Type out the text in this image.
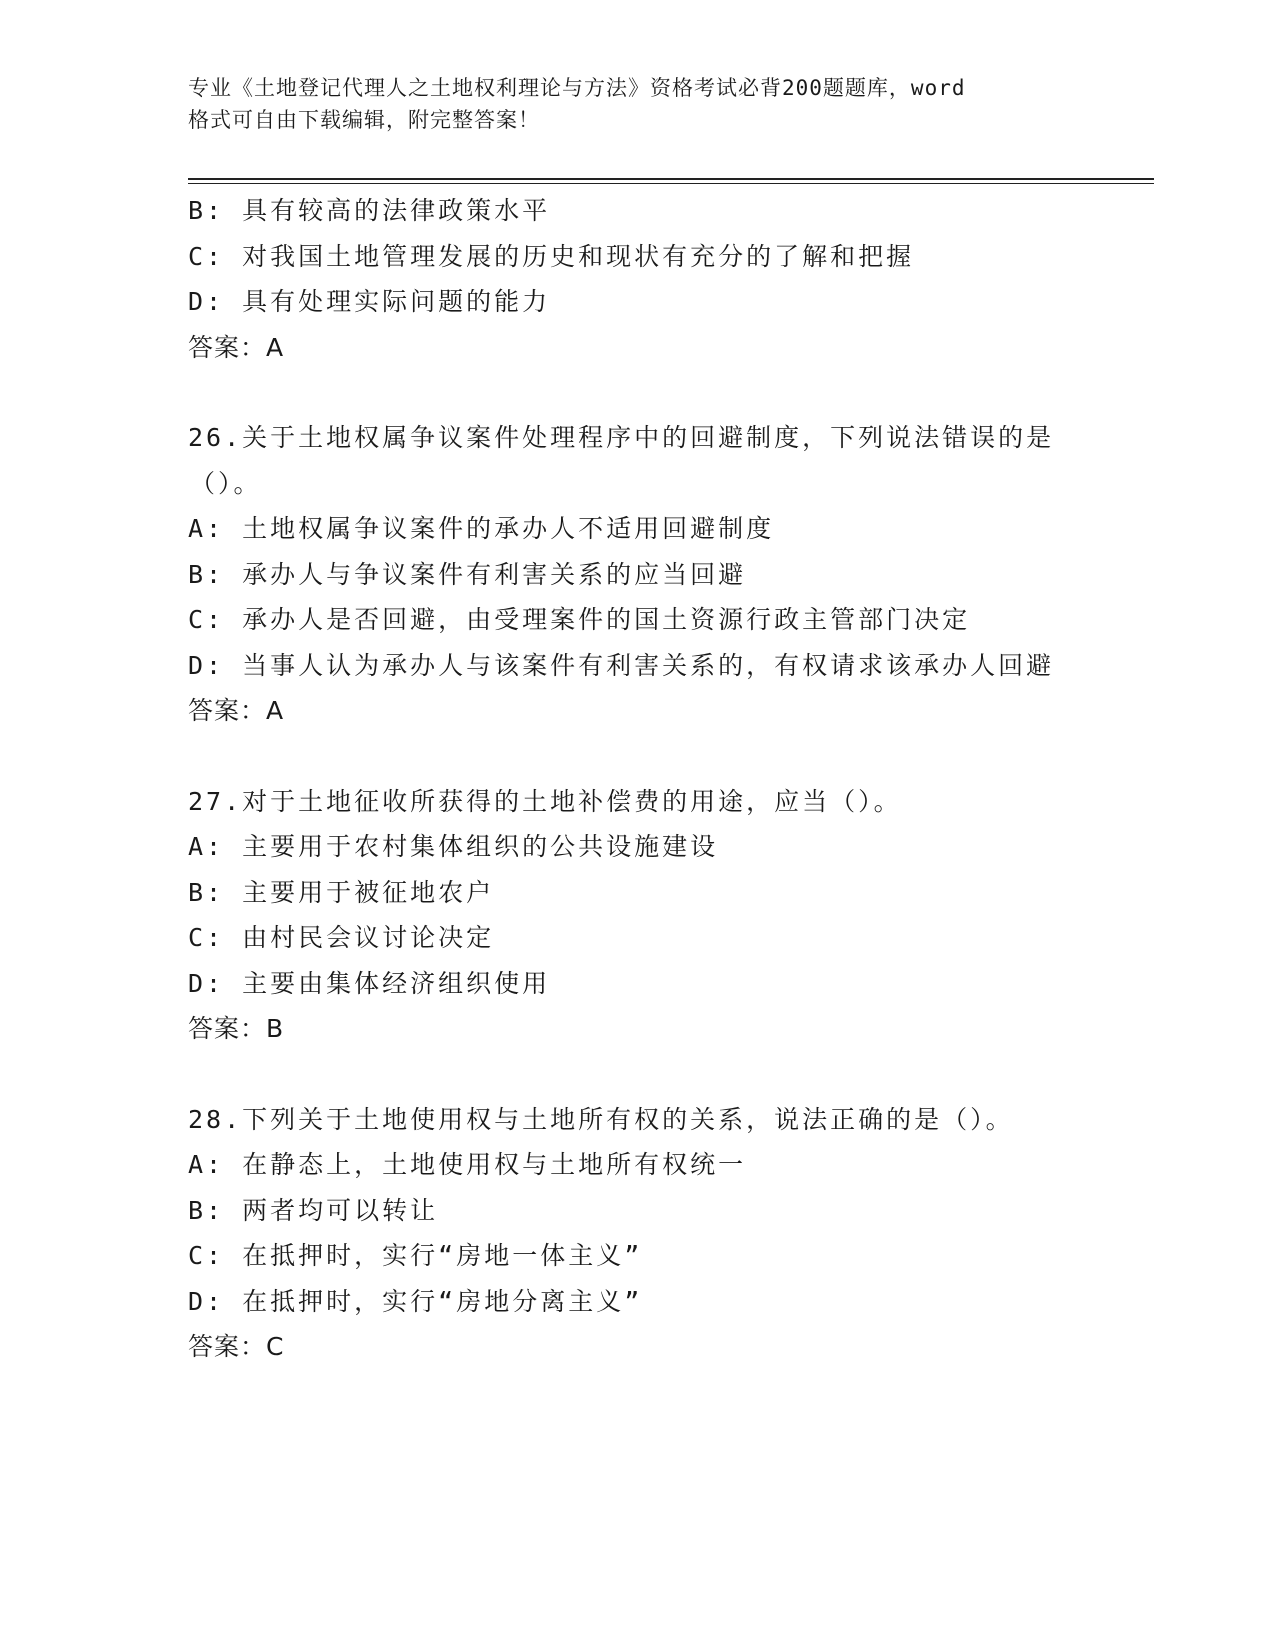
专业《土地登记代理人之土地权利理论与方法》资格考试必背200题题库，word
格式可自由下载编辑，附完整答案！
B: 具有较高的法律政策水平
C: 对我国土地管理发展的历史和现状有充分的了解和把握
D: 具有处理实际问题的能力
答案：A
26.关于土地权属争议案件处理程序中的回避制度，下列说法错误的是
（）。
A: 土地权属争议案件的承办人不适用回避制度
B: 承办人与争议案件有利害关系的应当回避
C: 承办人是否回避，由受理案件的国土资源行政主管部门决定
D: 当事人认为承办人与该案件有利害关系的，有权请求该承办人回避
答案：A
27.对于土地征收所获得的土地补偿费的用途，应当（）。
A: 主要用于农村集体组织的公共设施建设
B: 主要用于被征地农户
C: 由村民会议讨论决定
D: 主要由集体经济组织使用
答案：B
28.下列关于土地使用权与土地所有权的关系，说法正确的是（）。
A: 在静态上，土地使用权与土地所有权统一
B: 两者均可以转让
C: 在抵押时，实行“房地一体主义”
D: 在抵押时，实行“房地分离主义”
答案：C
